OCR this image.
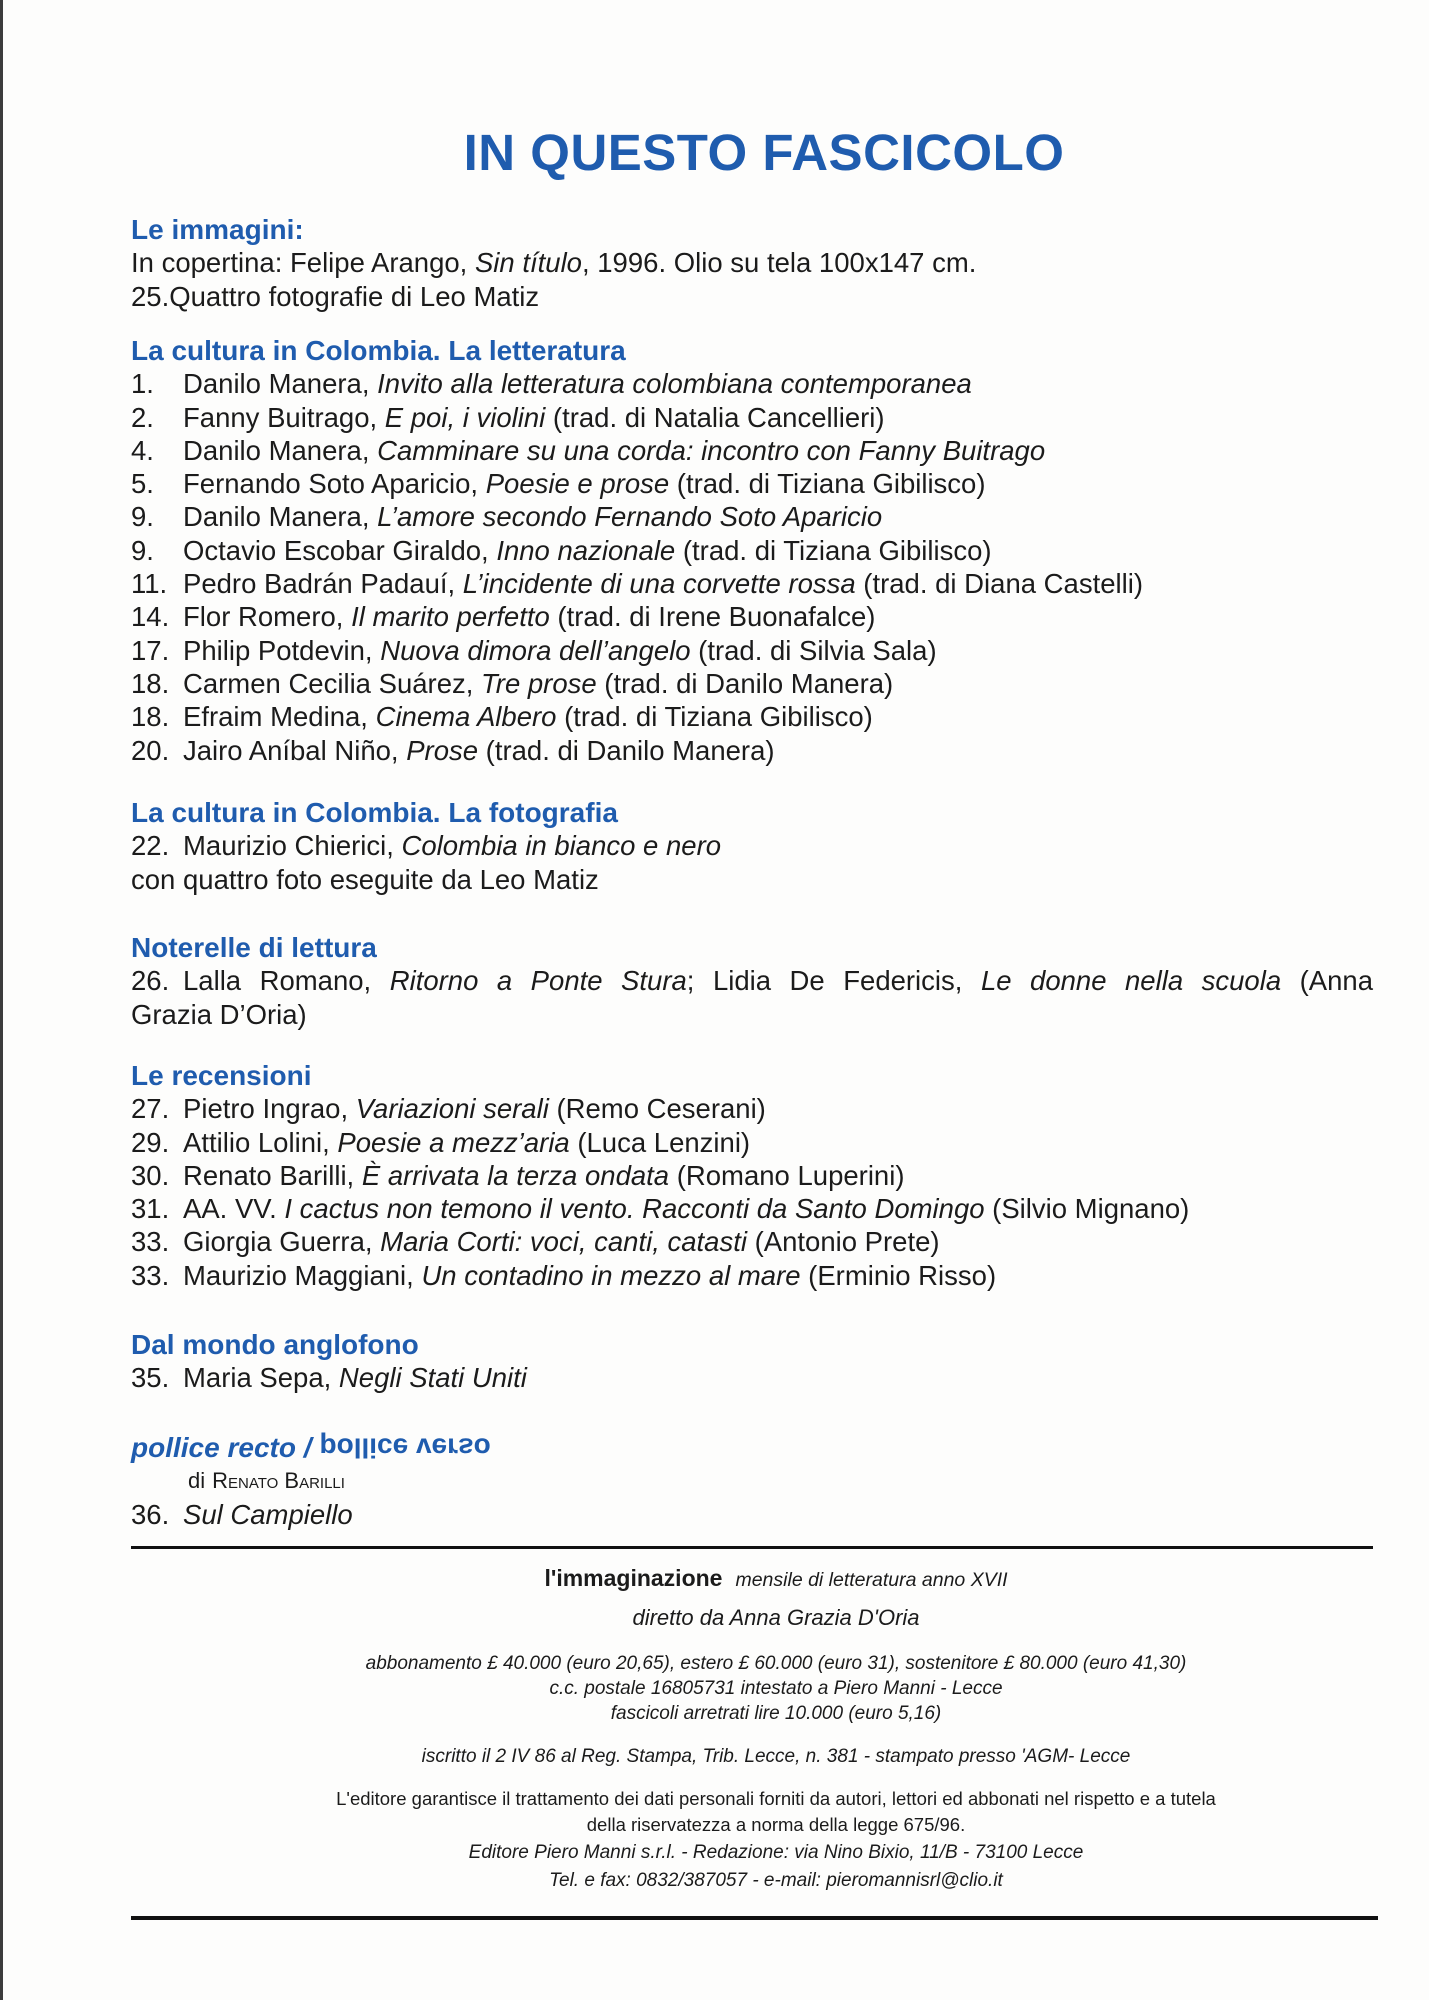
IN QUESTO FASCICOLO
Le immagini:
In copertina: Felipe Arango, Sin título, 1996. Olio su tela 100x147 cm.
25.Quattro fotografie di Leo Matiz
La cultura in Colombia. La letteratura
1. Danilo Manera, Invito alla letteratura colombiana contemporanea
2. Fanny Buitrago, E poi, i violini (trad. di Natalia Cancellieri)
4. Danilo Manera, Camminare su una corda: incontro con Fanny Buitrago
5. Fernando Soto Aparicio, Poesie e prose (trad. di Tiziana Gibilisco)
9. Danilo Manera, L’amore secondo Fernando Soto Aparicio
9. Octavio Escobar Giraldo, Inno nazionale (trad. di Tiziana Gibilisco)
11. Pedro Badrán Padauí, L’incidente di una corvette rossa (trad. di Diana Castelli)
14. Flor Romero, Il marito perfetto (trad. di Irene Buonafalce)
17. Philip Potdevin, Nuova dimora dell’angelo (trad. di Silvia Sala)
18. Carmen Cecilia Suárez, Tre prose (trad. di Danilo Manera)
18. Efraim Medina, Cinema Albero (trad. di Tiziana Gibilisco)
20. Jairo Aníbal Niño, Prose (trad. di Danilo Manera)
La cultura in Colombia. La fotografia
22. Maurizio Chierici, Colombia in bianco e nero
con quattro foto eseguite da Leo Matiz
Noterelle di lettura
26. Lalla Romano, Ritorno a Ponte Stura; Lidia De Federicis, Le donne nella scuola (Anna
Grazia D’Oria)
Le recensioni
27. Pietro Ingrao, Variazioni serali (Remo Ceserani)
29. Attilio Lolini, Poesie a mezz’aria (Luca Lenzini)
30. Renato Barilli, È arrivata la terza ondata (Romano Luperini)
31. AA. VV. I cactus non temono il vento. Racconti da Santo Domingo (Silvio Mignano)
33. Giorgia Guerra, Maria Corti: voci, canti, catasti (Antonio Prete)
33. Maurizio Maggiani, Un contadino in mezzo al mare (Erminio Risso)
Dal mondo anglofono
35. Maria Sepa, Negli Stati Uniti
pollice recto / pollice verso
di Renato Barilli
36. Sul Campiello
l'immaginazione mensile di letteratura anno XVII
diretto da Anna Grazia D'Oria
abbonamento £ 40.000 (euro 20,65), estero £ 60.000 (euro 31), sostenitore £ 80.000 (euro 41,30)
c.c. postale 16805731 intestato a Piero Manni - Lecce
fascicoli arretrati lire 10.000 (euro 5,16)
iscritto il 2 IV 86 al Reg. Stampa, Trib. Lecce, n. 381 - stampato presso 'AGM- Lecce
L'editore garantisce il trattamento dei dati personali forniti da autori, lettori ed abbonati nel rispetto e a tutela
della riservatezza a norma della legge 675/96.
Editore Piero Manni s.r.l. - Redazione: via Nino Bixio, 11/B - 73100 Lecce
Tel. e fax: 0832/387057 - e-mail: pieromannisrl@clio.it
